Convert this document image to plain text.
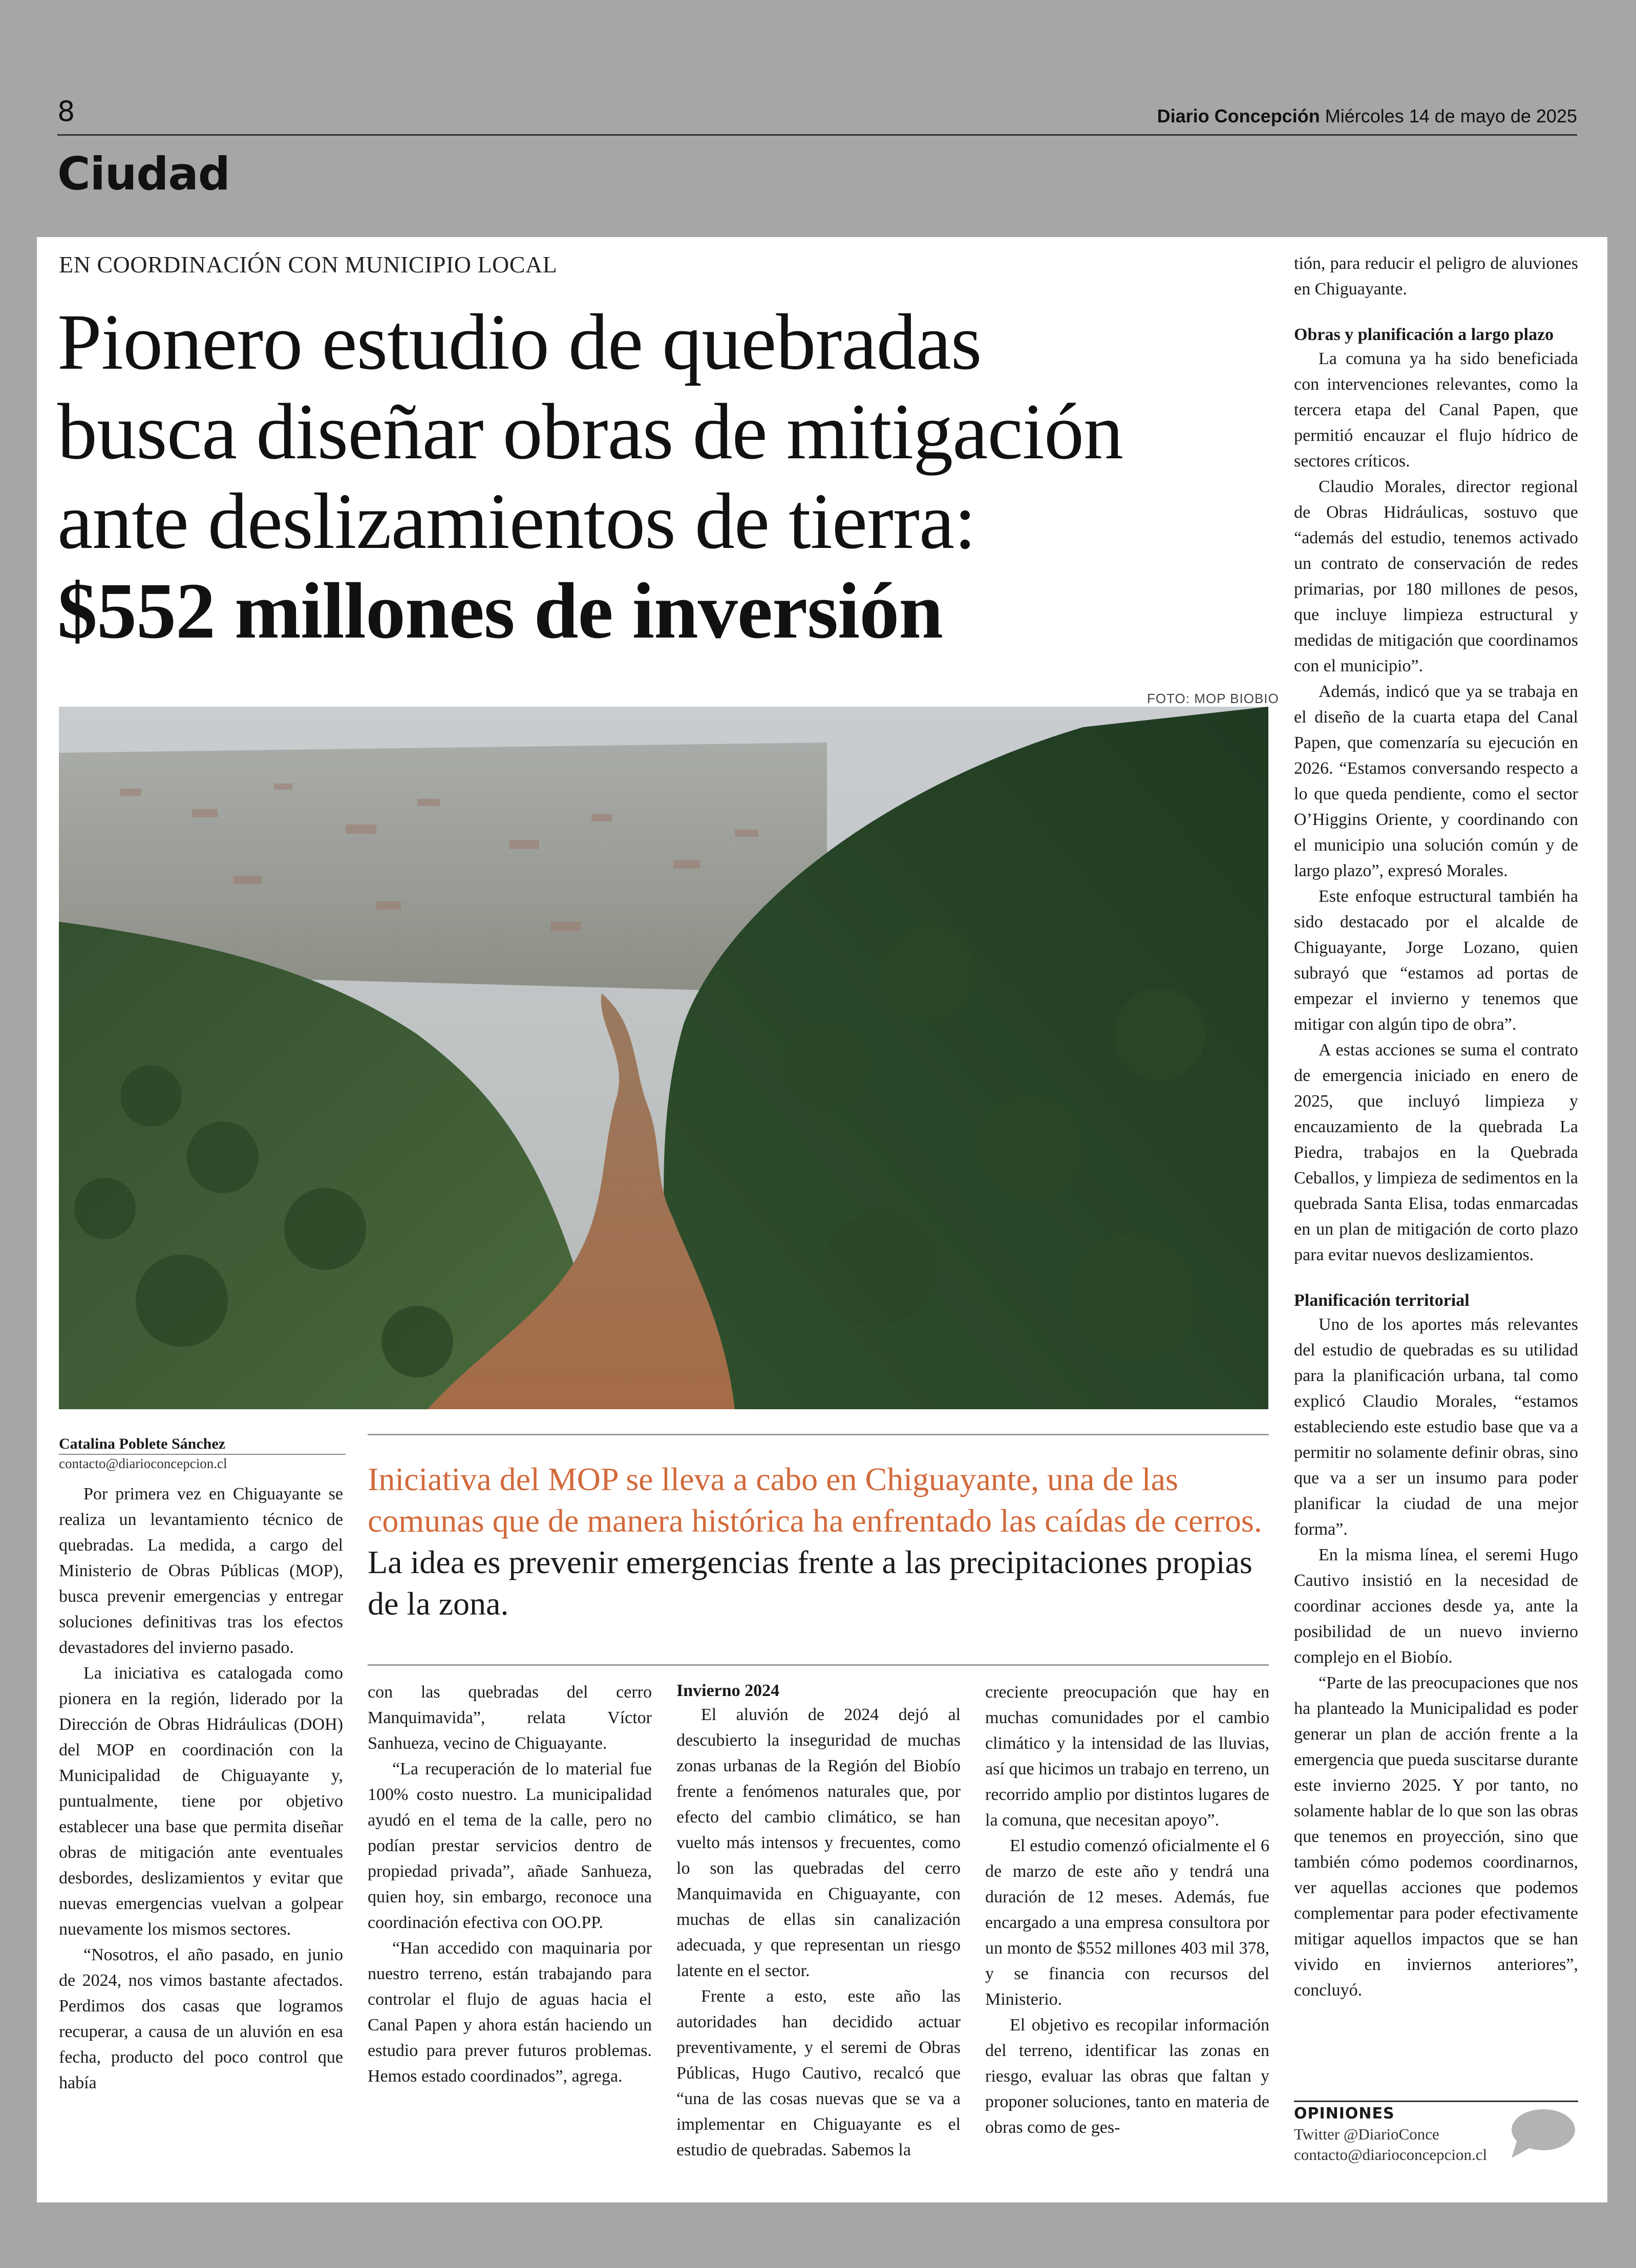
8	Diario Concepción Miércoles 14 de mayo de 2025
Ciudad
EN COORDINACIÓN CON MUNICIPIO LOCAL
Pionero estudio de quebradas
busca diseñar obras de mitigación
ante deslizamientos de tierra:
$552 millones de inversión
FOTO: MOP BIOBIO
Catalina Poblete Sánchez
contacto@diarioconcepcion.cl	Iniciativa del MOP se lleva a cabo en Chiguayante, una de las comunas que de manera histórica ha enfrentado las caídas de cerros. La idea es prevenir emergencias frente a las precipitaciones propias de la zona.

Por primera vez en Chiguayante se realiza un levantamiento técnico de quebradas. La medida, a cargo del Ministerio de Obras Públicas (MOP), busca prevenir emergencias y entregar soluciones definitivas tras los efectos devastadores del invierno pasado.

La iniciativa es catalogada como pionera en la región, liderado por la Dirección de Obras Hidráulicas (DOH) del MOP en coordinación con la Municipalidad de Chiguayante y, puntualmente, tiene por objetivo establecer una base que permita diseñar obras de mitigación ante eventuales desbordes, deslizamientos y evitar que nuevas emergencias vuelvan a golpear nuevamente los mismos sectores.

“Nosotros, el año pasado, en junio de 2024, nos vimos bastante afectados. Perdimos dos casas que logramos recuperar, a causa de un aluvión en esa fecha, producto del poco control que había

con las quebradas del cerro Manquimavida”, relata Víctor Sanhueza, vecino de Chiguayante.

“La recuperación de lo material fue 100% costo nuestro. La municipalidad ayudó en el tema de la calle, pero no podían prestar servicios dentro de propiedad privada”, añade Sanhueza, quien hoy, sin embargo, reconoce una coordinación efectiva con OO.PP.

“Han accedido con maquinaria por nuestro terreno, están trabajando para controlar el flujo de aguas hacia el Canal Papen y ahora están haciendo un estudio para prever futuros problemas. Hemos estado coordinados”, agrega.

Invierno 2024

El aluvión de 2024 dejó al descubierto la inseguridad de muchas zonas urbanas de la Región del Biobío frente a fenómenos naturales que, por efecto del cambio climático, se han vuelto más intensos y frecuentes, como lo son las quebradas del cerro Manquimavida en Chiguayante, con muchas de ellas sin canalización adecuada, y que representan un riesgo latente en el sector.

Frente a esto, este año las autoridades han decidido actuar preventivamente, y el seremi de Obras Públicas, Hugo Cautivo, recalcó que “una de las cosas nuevas que se va a implementar en Chiguayante es el estudio de quebradas. Sabemos la

creciente preocupación que hay en muchas comunidades por el cambio climático y la intensidad de las lluvias, así que hicimos un trabajo en terreno, un recorrido amplio por distintos lugares de la comuna, que necesitan apoyo”.

El estudio comenzó oficialmente el 6 de marzo de este año y tendrá una duración de 12 meses. Además, fue encargado a una empresa consultora por un monto de $552 millones 403 mil 378, y se financia con recursos del Ministerio.

El objetivo es recopilar información del terreno, identificar las zonas en riesgo, evaluar las obras que faltan y proponer soluciones, tanto en materia de obras como de ges-

tión, para reducir el peligro de aluviones en Chiguayante.

Obras y planificación a largo plazo

La comuna ya ha sido beneficiada con intervenciones relevantes, como la tercera etapa del Canal Papen, que permitió encauzar el flujo hídrico de sectores críticos.

Claudio Morales, director regional de Obras Hidráulicas, sostuvo que “además del estudio, tenemos activado un contrato de conservación de redes primarias, por 180 millones de pesos, que incluye limpieza estructural y medidas de mitigación que coordinamos con el municipio”.

Además, indicó que ya se trabaja en el diseño de la cuarta etapa del Canal Papen, que comenzaría su ejecución en 2026. “Estamos conversando respecto a lo que queda pendiente, como el sector O’Higgins Oriente, y coordinando con el municipio una solución común y de largo plazo”, expresó Morales.

Este enfoque estructural también ha sido destacado por el alcalde de Chiguayante, Jorge Lozano, quien subrayó que “estamos ad portas de empezar el invierno y tenemos que mitigar con algún tipo de obra”.

A estas acciones se suma el contrato de emergencia iniciado en enero de 2025, que incluyó limpieza y encauzamiento de la quebrada La Piedra, trabajos en la Quebrada Ceballos, y limpieza de sedimentos en la quebrada Santa Elisa, todas enmarcadas en un plan de mitigación de corto plazo para evitar nuevos deslizamientos.

Planificación territorial

Uno de los aportes más relevantes del estudio de quebradas es su utilidad para la planificación urbana, tal como explicó Claudio Morales, “estamos estableciendo este estudio base que va a permitir no solamente definir obras, sino que va a ser un insumo para poder planificar la ciudad de una mejor forma”.

En la misma línea, el seremi Hugo Cautivo insistió en la necesidad de coordinar acciones desde ya, ante la posibilidad de un nuevo invierno complejo en el Biobío.

“Parte de las preocupaciones que nos ha planteado la Municipalidad es poder generar un plan de acción frente a la emergencia que pueda suscitarse durante este invierno 2025. Y por tanto, no solamente hablar de lo que son las obras que tenemos en proyección, sino que también cómo podemos coordinarnos, ver aquellas acciones que podemos complementar para poder efectivamente mitigar aquellos impactos que se han vivido en inviernos anteriores”, concluyó.

OPINIONES
Twitter @DiarioConce
contacto@diarioconcepcion.cl
